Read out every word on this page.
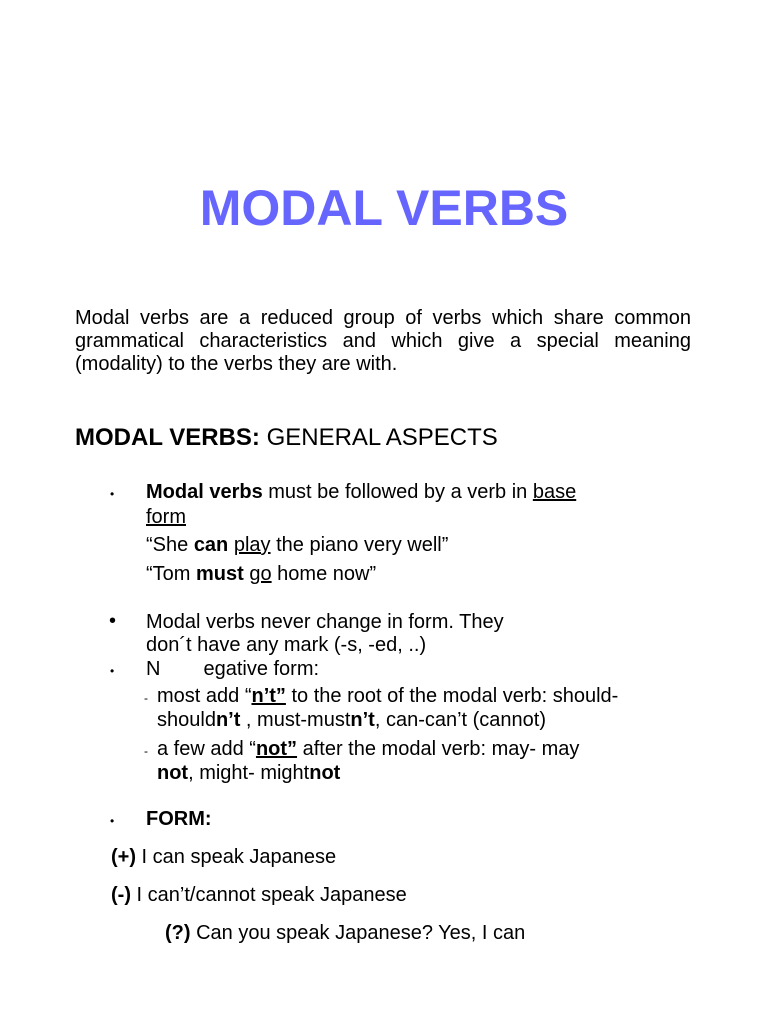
MODAL VERBS
Modal verbs are a reduced group of verbs which share common grammatical characteristics and which give a special meaning (modality) to the verbs they are with.
MODAL VERBS: GENERAL ASPECTS
• Modal verbs must be followed by a verb in base
form
“She can play the piano very well”
“Tom must go home now”
• Modal verbs never change in form. They
don´t have any mark (-s, -ed, ..)
• N egative form:
- most add “n’t” to the root of the modal verb: should-
shouldn’t , must-mustn’t, can-can’t (cannot)
- a few add “not” after the modal verb: may- may
not, might- mightnot
• FORM:
(+) I can speak Japanese
(-) I can’t/cannot speak Japanese
(?) Can you speak Japanese? Yes, I can
